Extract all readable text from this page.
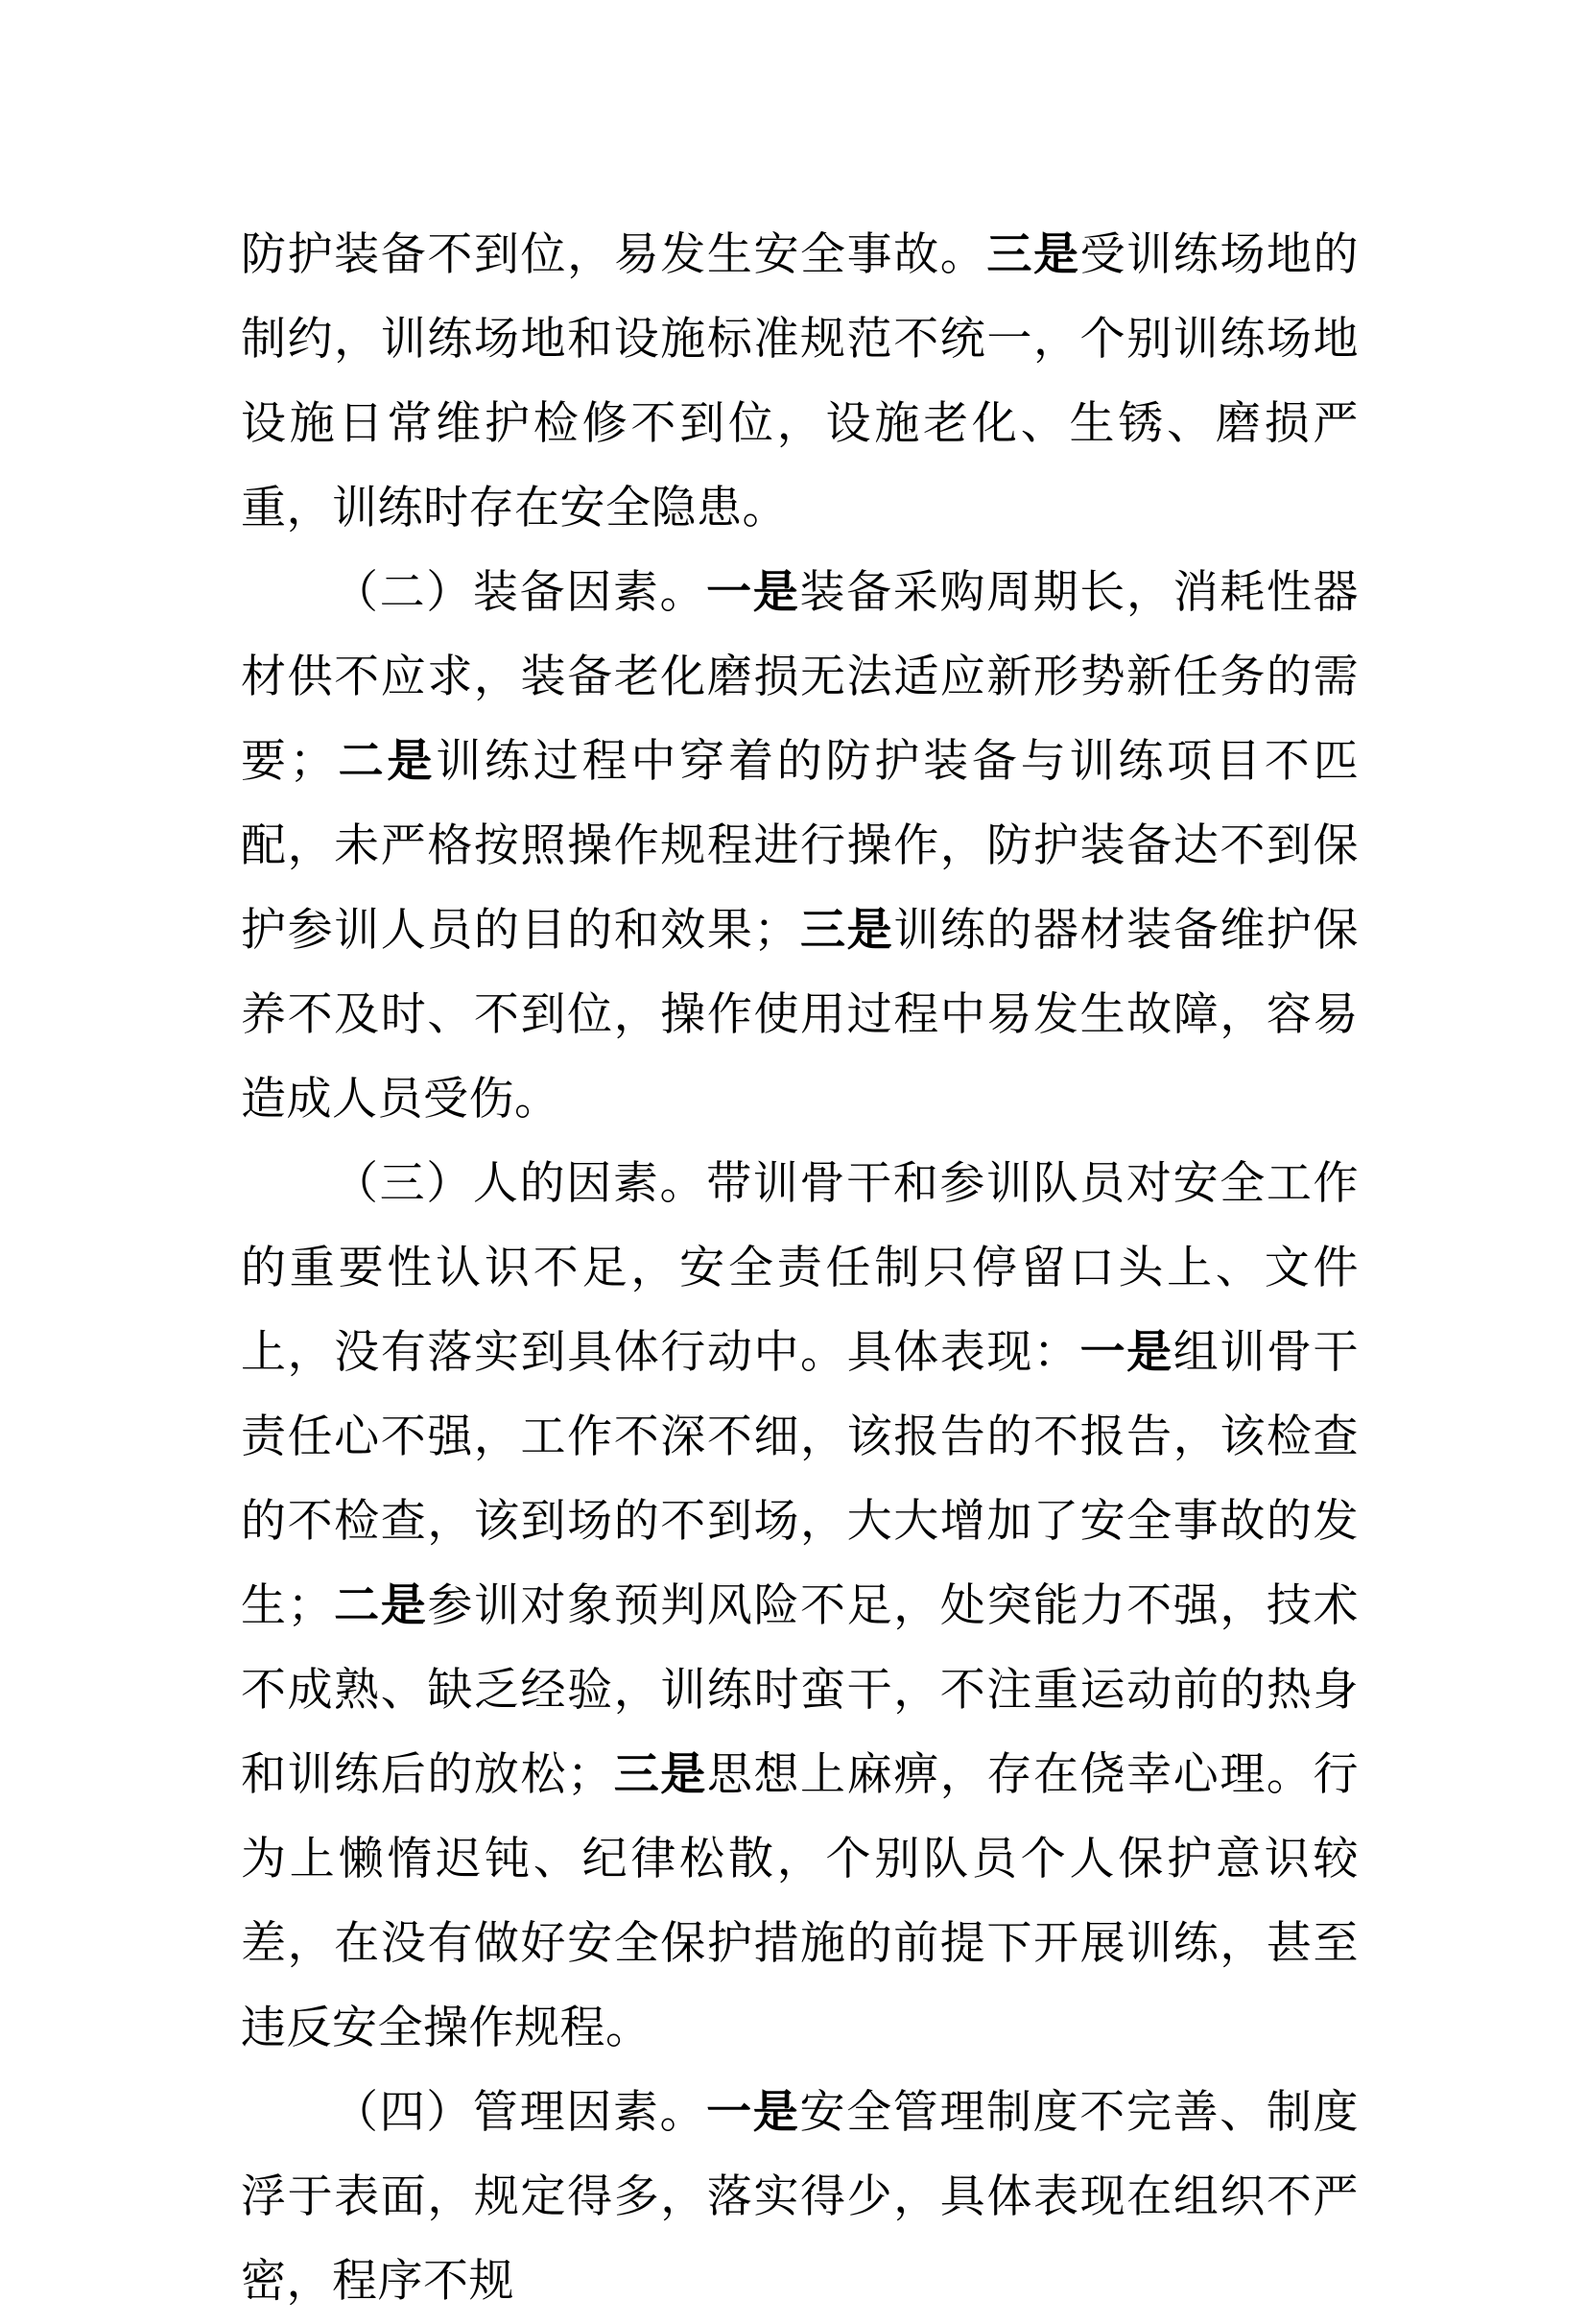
防护装备不到位，易发生安全事故。三是受训练场地的制约，训练场地和设施标准规范不统一，个别训练场地设施日常维护检修不到位，设施老化、生锈、磨损严重，训练时存在安全隐患。

（二）装备因素。一是装备采购周期长，消耗性器材供不应求，装备老化磨损无法适应新形势新任务的需要；二是训练过程中穿着的防护装备与训练项目不匹配，未严格按照操作规程进行操作，防护装备达不到保护参训人员的目的和效果；三是训练的器材装备维护保养不及时、不到位，操作使用过程中易发生故障，容易造成人员受伤。

（三）人的因素。带训骨干和参训队员对安全工作的重要性认识不足，安全责任制只停留口头上、文件上，没有落实到具体行动中。具体表现：一是组训骨干责任心不强，工作不深不细，该报告的不报告，该检查的不检查，该到场的不到场，大大增加了安全事故的发生；二是参训对象预判风险不足，处突能力不强，技术不成熟、缺乏经验，训练时蛮干，不注重运动前的热身和训练后的放松；三是思想上麻痹，存在侥幸心理。行为上懒惰迟钝、纪律松散，个别队员个人保护意识较差，在没有做好安全保护措施的前提下开展训练，甚至违反安全操作规程。

（四）管理因素。一是安全管理制度不完善、制度浮于表面，规定得多，落实得少，具体表现在组织不严密，程序不规
